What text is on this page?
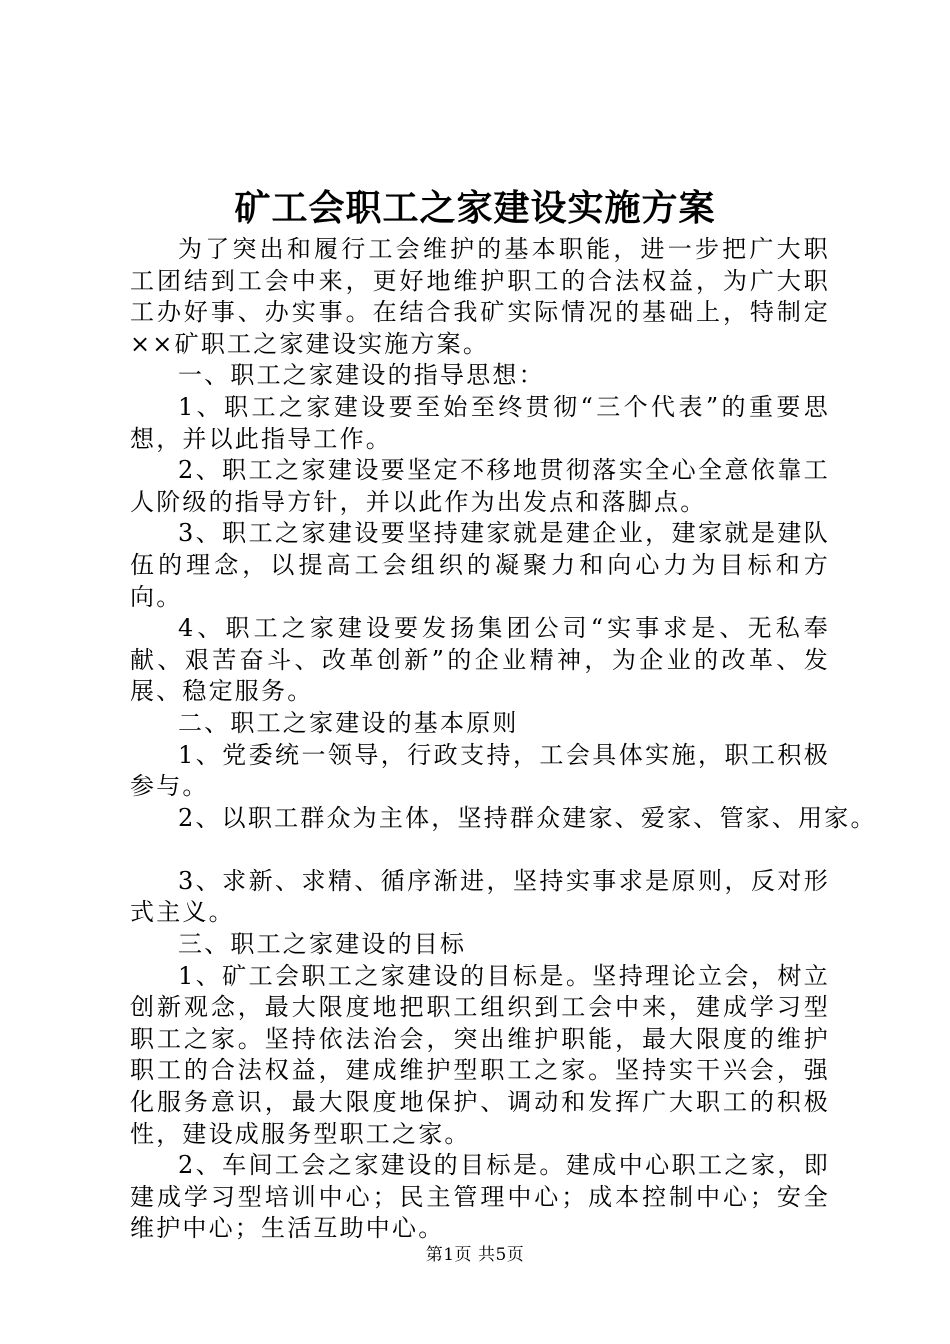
矿工会职工之家建设实施方案

为了突出和履行工会维护的基本职能，进一步把广大职工团结到工会中来，更好地维护职工的合法权益，为广大职工办好事、办实事。在结合我矿实际情况的基础上，特制定××矿职工之家建设实施方案。

一、职工之家建设的指导思想：

1、职工之家建设要至始至终贯彻“三个代表”的重要思想，并以此指导工作。

2、职工之家建设要坚定不移地贯彻落实全心全意依靠工人阶级的指导方针，并以此作为出发点和落脚点。

3、职工之家建设要坚持建家就是建企业，建家就是建队伍的理念，以提高工会组织的凝聚力和向心力为目标和方向。

4、职工之家建设要发扬集团公司“实事求是、无私奉献、艰苦奋斗、改革创新”的企业精神，为企业的改革、发展、稳定服务。

二、职工之家建设的基本原则

1、党委统一领导，行政支持，工会具体实施，职工积极参与。

2、以职工群众为主体，坚持群众建家、爱家、管家、用家。

3、求新、求精、循序渐进，坚持实事求是原则，反对形式主义。

三、职工之家建设的目标

1、矿工会职工之家建设的目标是。坚持理论立会，树立创新观念，最大限度地把职工组织到工会中来，建成学习型职工之家。坚持依法治会，突出维护职能，最大限度的维护职工的合法权益，建成维护型职工之家。坚持实干兴会，强化服务意识，最大限度地保护、调动和发挥广大职工的积极性，建设成服务型职工之家。

2、车间工会之家建设的目标是。建成中心职工之家，即建成学习型培训中心；民主管理中心；成本控制中心；安全维护中心；生活互助中心。

第1页 共5页
